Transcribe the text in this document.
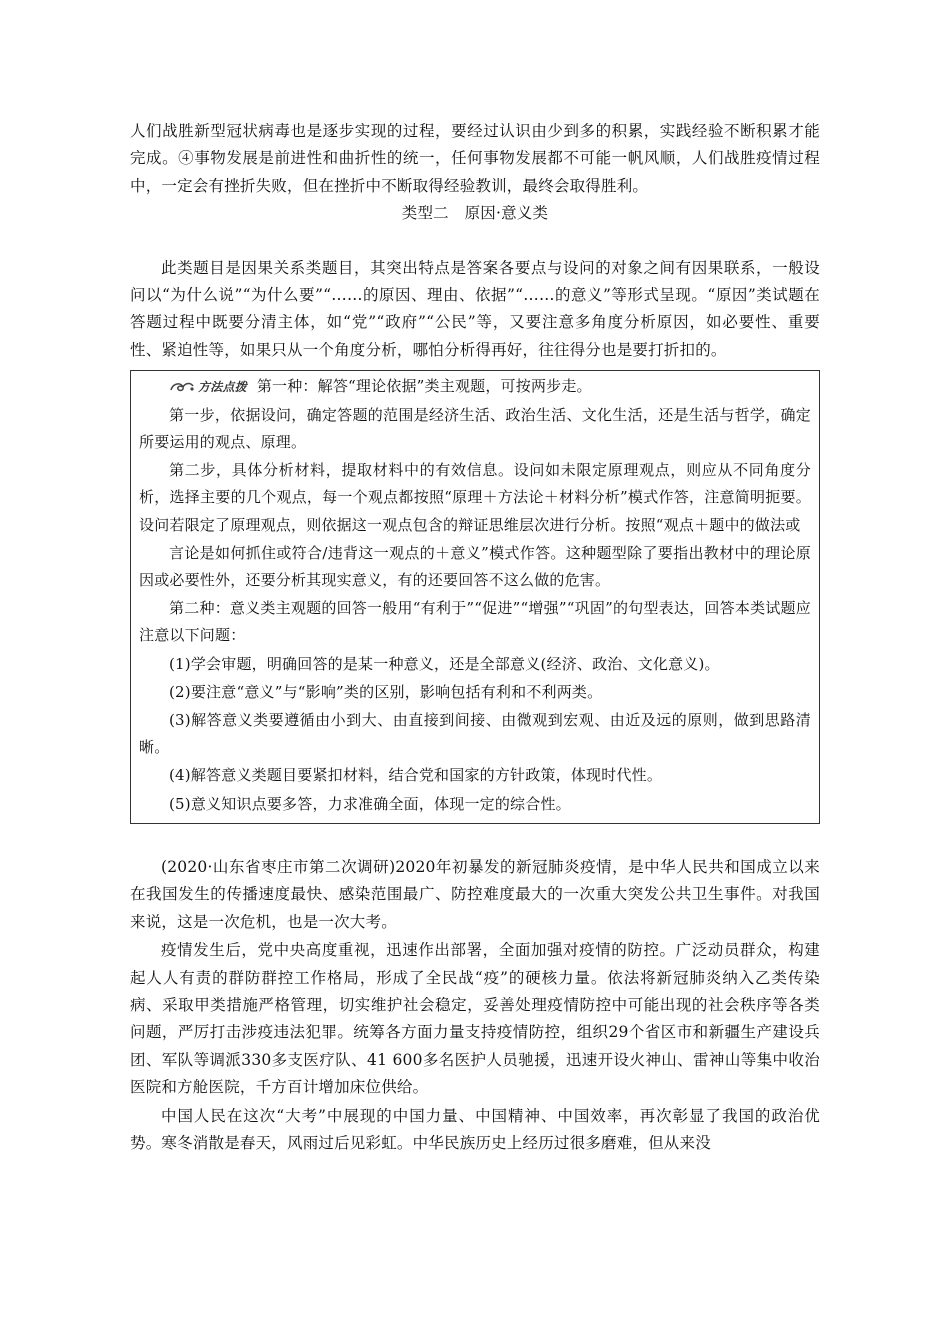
人们战胜新型冠状病毒也是逐步实现的过程，要经过认识由少到多的积累，实践经验不断积累才能完成。④事物发展是前进性和曲折性的统一，任何事物发展都不可能一帆风顺，人们战胜疫情过程中，一定会有挫折失败，但在挫折中不断取得经验教训，最终会取得胜利。

类型二　原因·意义类

此类题目是因果关系类题目，其突出特点是答案各要点与设问的对象之间有因果联系，一般设问以“为什么说”“为什么要”“……的原因、理由、依据”“……的意义”等形式呈现。“原因”类试题在答题过程中既要分清主体，如“党”“政府”“公民”等，又要注意多角度分析原因，如必要性、重要性、紧迫性等，如果只从一个角度分析，哪怕分析得再好，往往得分也是要打折扣的。

方法点拨 第一种：解答“理论依据”类主观题，可按两步走。

第一步，依据设问，确定答题的范围是经济生活、政治生活、文化生活，还是生活与哲学，确定所要运用的观点、原理。

第二步，具体分析材料，提取材料中的有效信息。设问如未限定原理观点，则应从不同角度分析，选择主要的几个观点，每一个观点都按照“原理＋方法论＋材料分析”模式作答，注意简明扼要。设问若限定了原理观点，则依据这一观点包含的辩证思维层次进行分析。按照“观点＋题中的做法或

言论是如何抓住或符合/违背这一观点的＋意义”模式作答。这种题型除了要指出教材中的理论原因或必要性外，还要分析其现实意义，有的还要回答不这么做的危害。

第二种：意义类主观题的回答一般用“有利于”“促进”“增强”“巩固”的句型表达，回答本类试题应注意以下问题：

(1)学会审题，明确回答的是某一种意义，还是全部意义(经济、政治、文化意义)。

(2)要注意“意义”与“影响”类的区别，影响包括有利和不利两类。

(3)解答意义类要遵循由小到大、由直接到间接、由微观到宏观、由近及远的原则，做到思路清晰。

(4)解答意义类题目要紧扣材料，结合党和国家的方针政策，体现时代性。

(5)意义知识点要多答，力求准确全面，体现一定的综合性。

(2020·山东省枣庄市第二次调研)2020年初暴发的新冠肺炎疫情，是中华人民共和国成立以来在我国发生的传播速度最快、感染范围最广、防控难度最大的一次重大突发公共卫生事件。对我国来说，这是一次危机，也是一次大考。

疫情发生后，党中央高度重视，迅速作出部署，全面加强对疫情的防控。广泛动员群众，构建起人人有责的群防群控工作格局，形成了全民战“疫”的硬核力量。依法将新冠肺炎纳入乙类传染病、采取甲类措施严格管理，切实维护社会稳定，妥善处理疫情防控中可能出现的社会秩序等各类问题，严厉打击涉疫违法犯罪。统筹各方面力量支持疫情防控，组织29个省区市和新疆生产建设兵团、军队等调派330多支医疗队、41 600多名医护人员驰援，迅速开设火神山、雷神山等集中收治医院和方舱医院，千方百计增加床位供给。

中国人民在这次“大考”中展现的中国力量、中国精神、中国效率，再次彰显了我国的政治优势。寒冬消散是春天，风雨过后见彩虹。中华民族历史上经历过很多磨难，但从来没
